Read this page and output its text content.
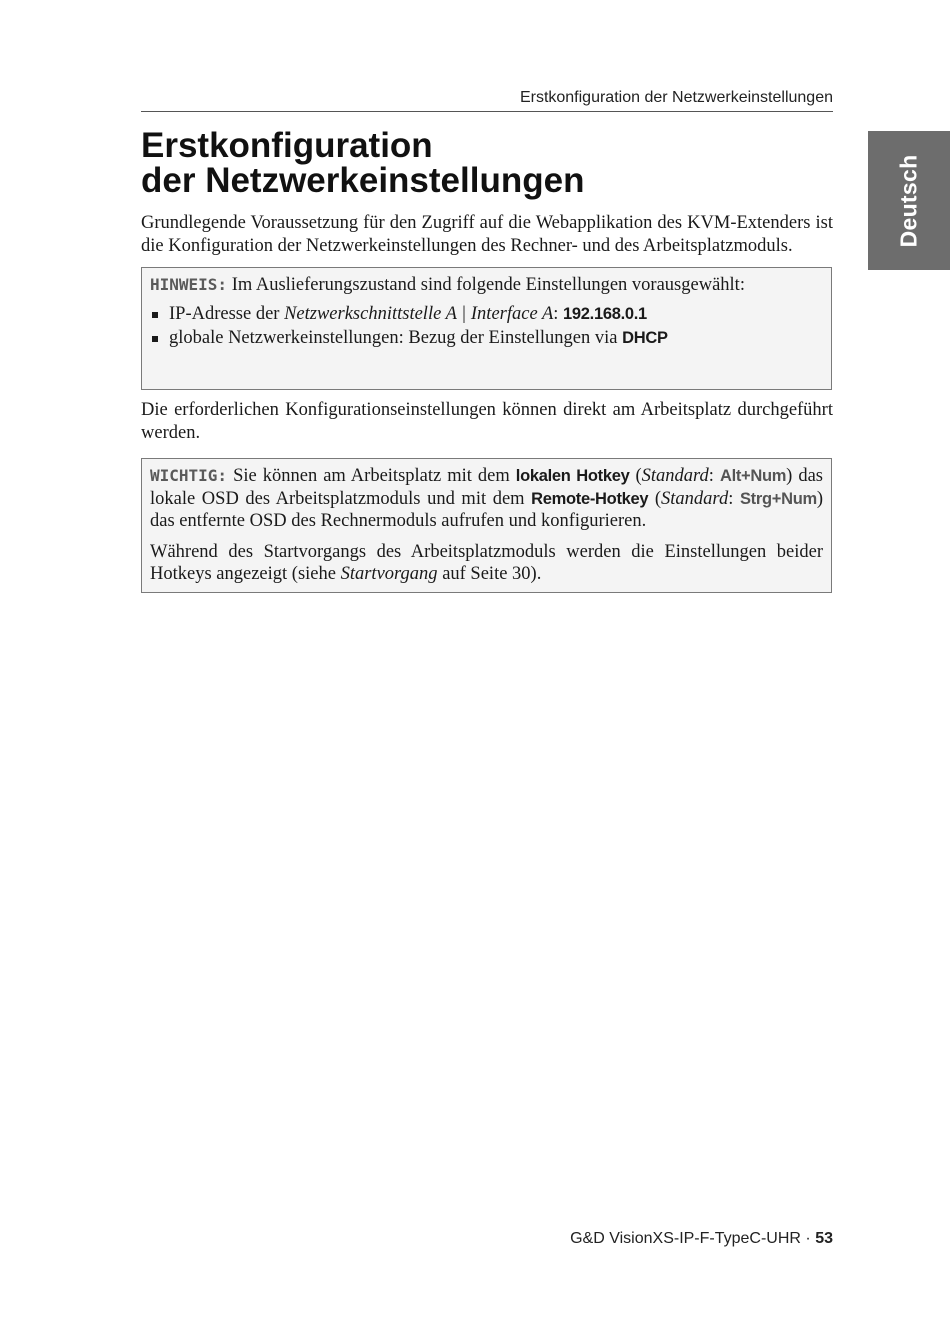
Erstkonfiguration der Netzwerkeinstellungen
Deutsch
Erstkonfiguration
der Netzwerkeinstellungen

Grundlegende Voraussetzung für den Zugriff auf die Webapplikation des KVM-Extenders ist die Konfiguration der Netzwerkeinstellungen des Rechner- und des Arbeitsplatzmoduls.

HINWEIS: Im Auslieferungszustand sind folgende Einstellungen vorausgewählt:
IP-Adresse der Netzwerkschnittstelle A | Interface A: 192.168.0.1
globale Netzwerkeinstellungen: Bezug der Einstellungen via DHCP

Die erforderlichen Konfigurationseinstellungen können direkt am Arbeitsplatz durchgeführt werden.

WICHTIG: Sie können am Arbeitsplatz mit dem lokalen Hotkey (Standard: Alt+Num) das lokale OSD des Arbeitsplatzmoduls und mit dem Remote-Hotkey (Standard: Strg+Num) das entfernte OSD des Rechnermoduls aufrufen und konfigurieren.

Während des Startvorgangs des Arbeitsplatzmoduls werden die Einstellungen beider Hotkeys angezeigt (siehe Startvorgang auf Seite 30).

G&D VisionXS-IP-F-TypeC-UHR · 53
